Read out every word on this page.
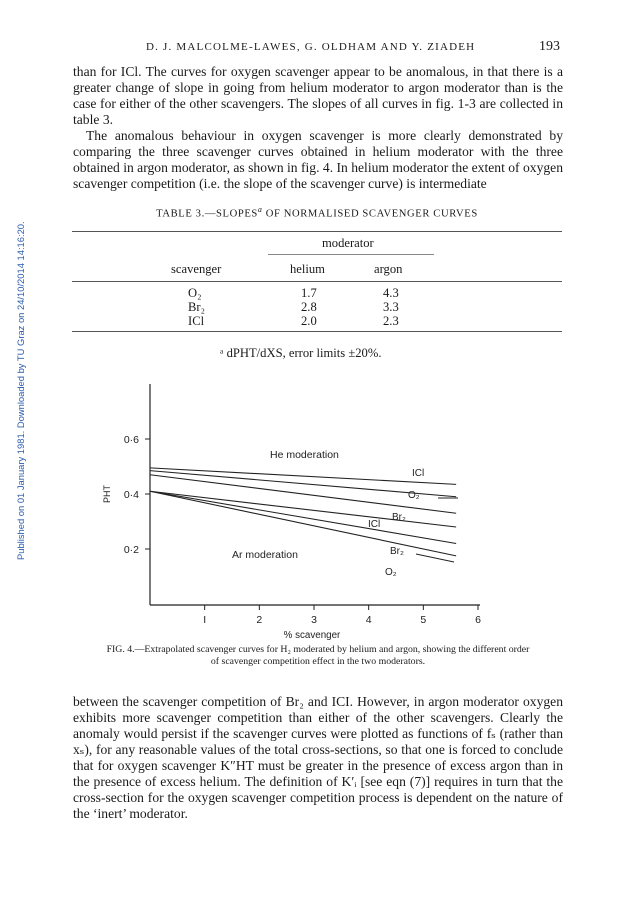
Published on 01 January 1981. Downloaded by TU Graz on 24/10/2014 14:16:20.
D. J. MALCOLME-LAWES, G. OLDHAM AND Y. ZIADEH	193

than for ICl. The curves for oxygen scavenger appear to be anomalous, in that there is a greater change of slope in going from helium moderator to argon moderator than is the case for either of the other scavengers. The slopes of all curves in fig. 1-3 are collected in table 3.

The anomalous behaviour in oxygen scavenger is more clearly demonstrated by comparing the three scavenger curves obtained in helium moderator with the three obtained in argon moderator, as shown in fig. 4. In helium moderator the extent of oxygen scavenger competition (i.e. the slope of the scavenger curve) is intermediate

TABLE 3.—SLOPES$^a$ OF NORMALISED SCAVENGER CURVES
moderator
scavenger	helium	argon
O₂	1.7	4.3
Br₂	2.8	3.3
ICl	2.0	2.3
ᵃ dPHT/dXS, error limits ±20%.
0·2
0·4
0·6
I	2	3	4	5	6
% scavenger
PHT
ICl
O₂
Br₂
ICl
Br₂
O₂
He moderation
Ar moderation
FIG. 4.—Extrapolated scavenger curves for H₂ moderated by helium and argon, showing the different order
of scavenger competition effect in the two moderators.

between the scavenger competition of Br₂ and ICI. However, in argon moderator oxygen exhibits more scavenger competition than either of the other scavengers. Clearly the anomaly would persist if the scavenger curves were plotted as functions of fₛ (rather than xₛ), for any reasonable values of the total cross-sections, so that one is forced to conclude that for oxygen scavenger K″HT must be greater in the presence of excess argon than in the presence of excess helium. The definition of K′ᵢ [see eqn (7)] requires in turn that the cross-section for the oxygen scavenger competition process is dependent on the nature of the ‘inert’ moderator.
